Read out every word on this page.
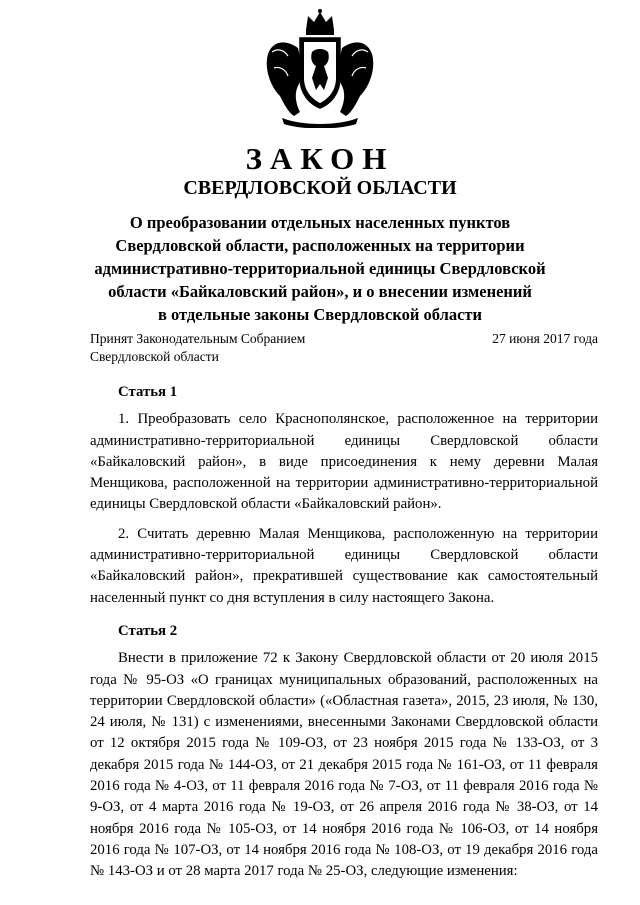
ЗАКОН
СВЕРДЛОВСКОЙ ОБЛАСТИ
О преобразовании отдельных населенных пунктов
Свердловской области, расположенных на территории
административно-территориальной единицы Свердловской
области «Байкаловский район», и о внесении изменений
в отдельные законы Свердловской области
Принят Законодательным Собранием
Свердловской области
27 июня 2017 года
Статья 1

1. Преобразовать село Краснополянское, расположенное на территории административно-территориальной единицы Свердловской области «Байкаловский район», в виде присоединения к нему деревни Малая Менщикова, расположенной на территории административно-территориальной единицы Свердловской области «Байкаловский район».

2. Считать деревню Малая Менщикова, расположенную на территории административно-территориальной единицы Свердловской области «Байкаловский район», прекратившей существование как самостоятельный населенный пункт со дня вступления в силу настоящего Закона.

Статья 2

Внести в приложение 72 к Закону Свердловской области от 20 июля 2015 года № 95-ОЗ «О границах муниципальных образований, расположенных на территории Свердловской области» («Областная газета», 2015, 23 июля, № 130, 24 июля, № 131) с изменениями, внесенными Законами Свердловской области от 12 октября 2015 года № 109-ОЗ, от 23 ноября 2015 года № 133-ОЗ, от 3 декабря 2015 года № 144-ОЗ, от 21 декабря 2015 года № 161-ОЗ, от 11 февраля 2016 года № 4-ОЗ, от 11 февраля 2016 года № 7-ОЗ, от 11 февраля 2016 года № 9-ОЗ, от 4 марта 2016 года № 19-ОЗ, от 26 апреля 2016 года № 38-ОЗ, от 14 ноября 2016 года № 105-ОЗ, от 14 ноября 2016 года № 106-ОЗ, от 14 ноября 2016 года № 107-ОЗ, от 14 ноября 2016 года № 108-ОЗ, от 19 декабря 2016 года № 143-ОЗ и от 28 марта 2017 года № 25-ОЗ, следующие изменения:
